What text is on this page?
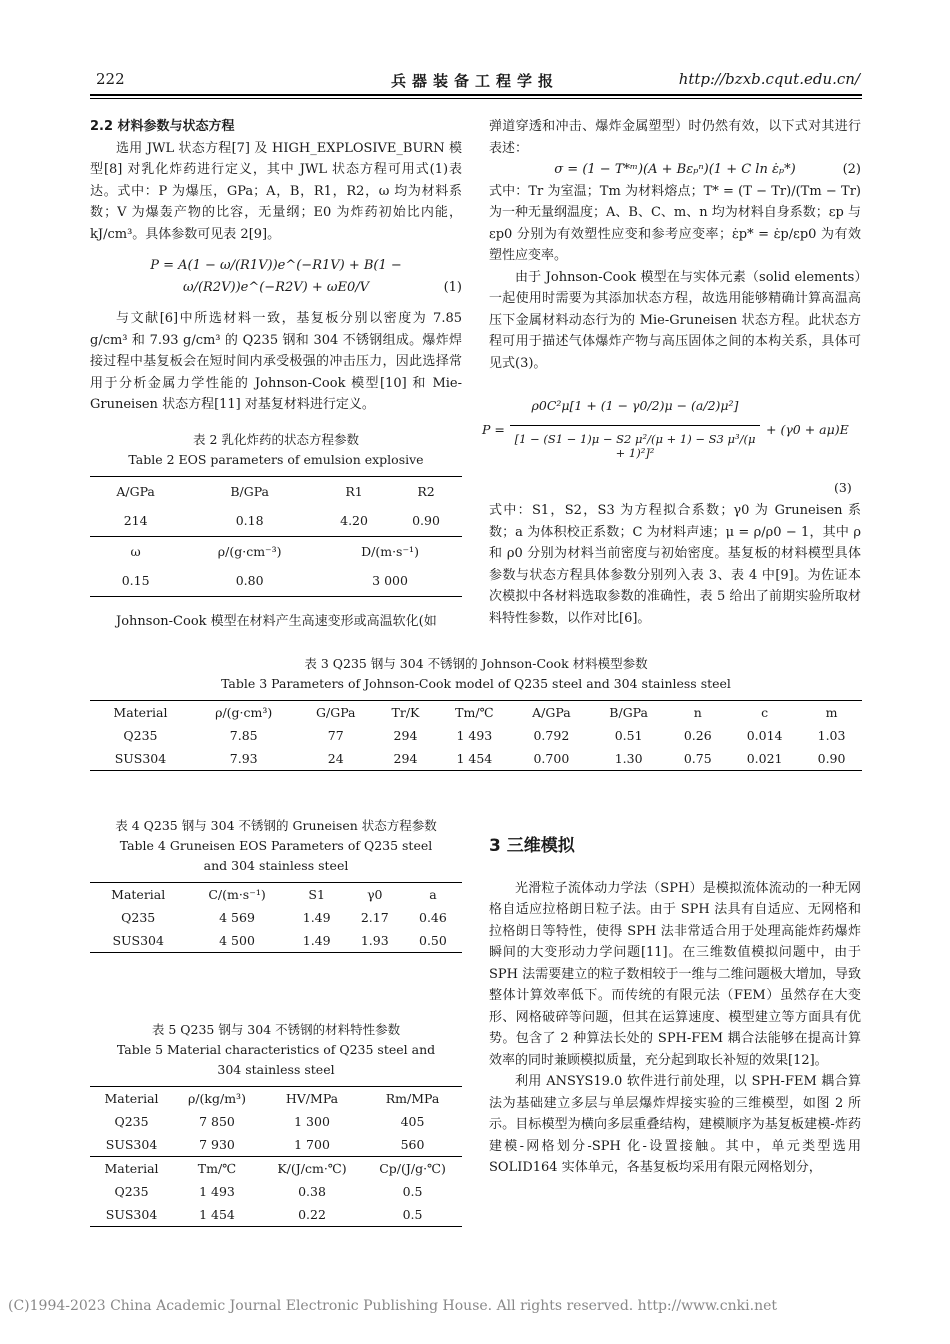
222	兵器装备工程学报	http://bzxb.cqut.edu.cn/

2.2 材料参数与状态方程

选用 JWL 状态方程[7] 及 HIGH_EXPLOSIVE_BURN 模型[8] 对乳化炸药进行定义，其中 JWL 状态方程可用式(1)表达。式中：P 为爆压，GPa；A，B，R1，R2，ω 均为材料系数；V 为爆轰产物的比容，无量纲；E0 为炸药初始比内能，kJ/cm³。具体参数可见表 2[9]。

P = A(1 − ω/(R1V))e^(−R1V) + B(1 − ω/(R2V))e^(−R2V) + ωE0/V	(1)

与文献[6]中所选材料一致，基复板分别以密度为 7.85 g/cm³ 和 7.93 g/cm³ 的 Q235 钢和 304 不锈钢组成。爆炸焊接过程中基复板会在短时间内承受极强的冲击压力，因此选择常用于分析金属力学性能的 Johnson-Cook 模型[10] 和 Mie-Gruneisen 状态方程[11] 对基复材料进行定义。

表 2 乳化炸药的状态方程参数

Table 2 EOS parameters of emulsion explosive

A/GPa	B/GPa	R1	R2
214	0.18	4.20	0.90
ω	ρ/(g·cm⁻³)	D/(m·s⁻¹)	
0.15	0.80	3 000	

Johnson-Cook 模型在材料产生高速变形或高温软化(如

弹道穿透和冲击、爆炸金属塑型）时仍然有效，以下式对其进行表述：

σ = (1 − T*ᵐ)(A + Bεₚⁿ)(1 + C ln ε̇ₚ*)	(2)

式中：Tr 为室温；Tm 为材料熔点；T* = (T − Tr)/(Tm − Tr) 为一种无量纲温度；A、B、C、m、n 均为材料自身系数；εp 与 εp0 分别为有效塑性应变和参考应变率；ε̇p* = ε̇p/εp0 为有效塑性应变率。

由于 Johnson-Cook 模型在与实体元素（solid elements）一起使用时需要为其添加状态方程，故选用能够精确计算高温高压下金属材料动态行为的 Mie-Gruneisen 状态方程。此状态方程可用于描述气体爆炸产物与高压固体之间的本构关系，具体可见式(3)。

P =
ρ0C²μ[1 + (1 − γ0/2)μ − (a/2)μ²]
[1 − (S1 − 1)μ − S2 μ²/(μ + 1) − S3 μ³/(μ + 1)²]²
+ (γ0 + aμ)E
(3)

式中：S1，S2，S3 为方程拟合系数；γ0 为 Gruneisen 系数；a 为体积校正系数；C 为材料声速；μ = ρ/ρ0 − 1，其中 ρ 和 ρ0 分别为材料当前密度与初始密度。基复板的材料模型具体参数与状态方程具体参数分别列入表 3、表 4 中[9]。为佐证本次模拟中各材料选取参数的准确性，表 5 给出了前期实验所取材料特性参数，以作对比[6]。

表 3 Q235 钢与 304 不锈钢的 Johnson-Cook 材料模型参数

Table 3 Parameters of Johnson-Cook model of Q235 steel and 304 stainless steel

Material	ρ/(g·cm³)	G/GPa	Tr/K	Tm/℃	A/GPa	B/GPa	n	c	m
Q235	7.85	77	294	1 493	0.792	0.51	0.26	0.014	1.03
SUS304	7.93	24	294	1 454	0.700	1.30	0.75	0.021	0.90

表 4 Q235 钢与 304 不锈钢的 Gruneisen 状态方程参数

Table 4 Gruneisen EOS Parameters of Q235 steel

and 304 stainless steel

Material	C/(m·s⁻¹)	S1	γ0	a
Q235	4 569	1.49	2.17	0.46
SUS304	4 500	1.49	1.93	0.50

表 5 Q235 钢与 304 不锈钢的材料特性参数

Table 5 Material characteristics of Q235 steel and

304 stainless steel

Material	ρ/(kg/m³)	HV/MPa	Rm/MPa
Q235	7 850	1 300	405
SUS304	7 930	1 700	560
Material	Tm/℃	K/(J/cm·℃)	Cp/(J/g·℃)
Q235	1 493	0.38	0.5
SUS304	1 454	0.22	0.5

3 三维模拟

光滑粒子流体动力学法（SPH）是模拟流体流动的一种无网格自适应拉格朗日粒子法。由于 SPH 法具有自适应、无网格和拉格朗日等特性，使得 SPH 法非常适合用于处理高能炸药爆炸瞬间的大变形动力学问题[11]。在三维数值模拟问题中，由于 SPH 法需要建立的粒子数相较于一维与二维问题极大增加，导致整体计算效率低下。而传统的有限元法（FEM）虽然存在大变形、网格破碎等问题，但其在运算速度、模型建立等方面具有优势。包含了 2 种算法长处的 SPH-FEM 耦合法能够在提高计算效率的同时兼顾模拟质量，充分起到取长补短的效果[12]。

利用 ANSYS19.0 软件进行前处理，以 SPH-FEM 耦合算法为基础建立多层与单层爆炸焊接实验的三维模型，如图 2 所示。目标模型为横向多层重叠结构，建模顺序为基复板建模-炸药建模-网格划分-SPH 化-设置接触。其中，单元类型选用 SOLID164 实体单元，各基复板均采用有限元网格划分，

(C)1994-2023 China Academic Journal Electronic Publishing House. All rights reserved. http://www.cnki.net
